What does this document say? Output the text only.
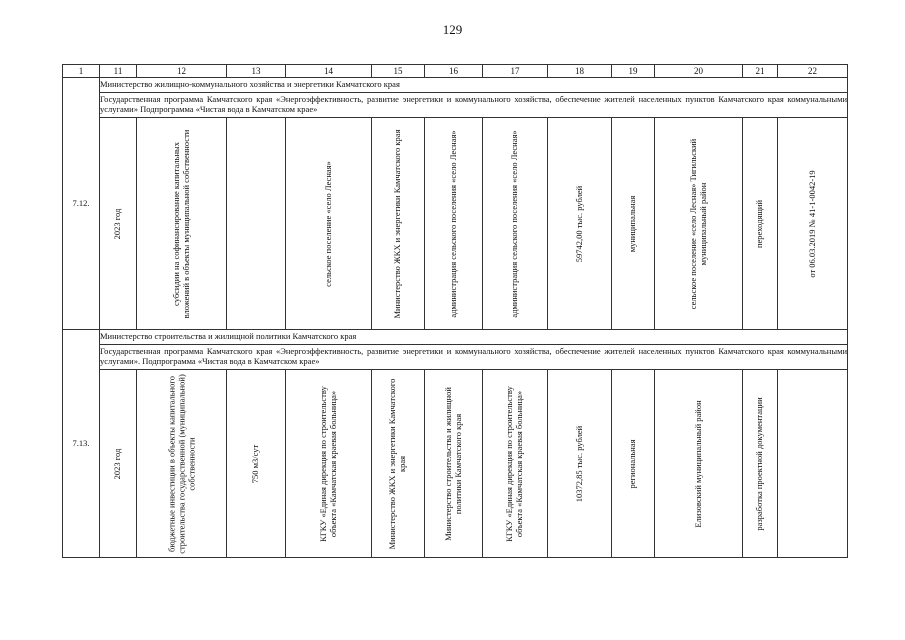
129
1	11	12	13	14	15	16	17	18	19	20	21	22
7.12.	Министерство жилищно-коммунального хозяйства и энергетики Камчатского края											
	Государственная программа Камчатского края «Энергоэффективность, развитие энергетики и коммунального хозяйства, обеспечение жителей населенных пунктов Камчатского края коммунальными услугами» Подпрограмма «Чистая вода в Камчатском крае»											

	2023 год	субсидии на софинансирование капитальных вложений в объекты муниципальной собственности		сельское поселение «село Лесная»	Министерство ЖКХ и энергетики Камчатского края	администрация сельского поселения «село Лесная»	администрация сельского поселения «село Лесная»	59742,00 тыс. рублей	муниципальная	сельское поселение «село Лесная» Тигильский муниципальный район	переходящий	от 06.03.2019 № 41-1-0042-19

7.13.	Министерство строительства и жилищной политики Камчатского края											
	Государственная программа Камчатского края «Энергоэффективность, развитие энергетики и коммунального хозяйства, обеспечение жителей населенных пунктов Камчатского края коммунальными услугами». Подпрограмма «Чистая вода в Камчатском крае»											

	2023 год	бюджетные инвестиции в объекты капитального строительства государственной (муниципальной) собственности	750 м3/сут	КГКУ «Единая дирекция по строительству объекта «Камчатская краевая больница»	Министерство ЖКХ и энергетики Камчатского края	Министерство строительства и жилищной политики Камчатского края	КГКУ «Единая дирекция по строительству объекта «Камчатская краевая больница»	10372,85 тыс. рублей	региональная	Елизовский муниципальный район	разработка проектной документации	
